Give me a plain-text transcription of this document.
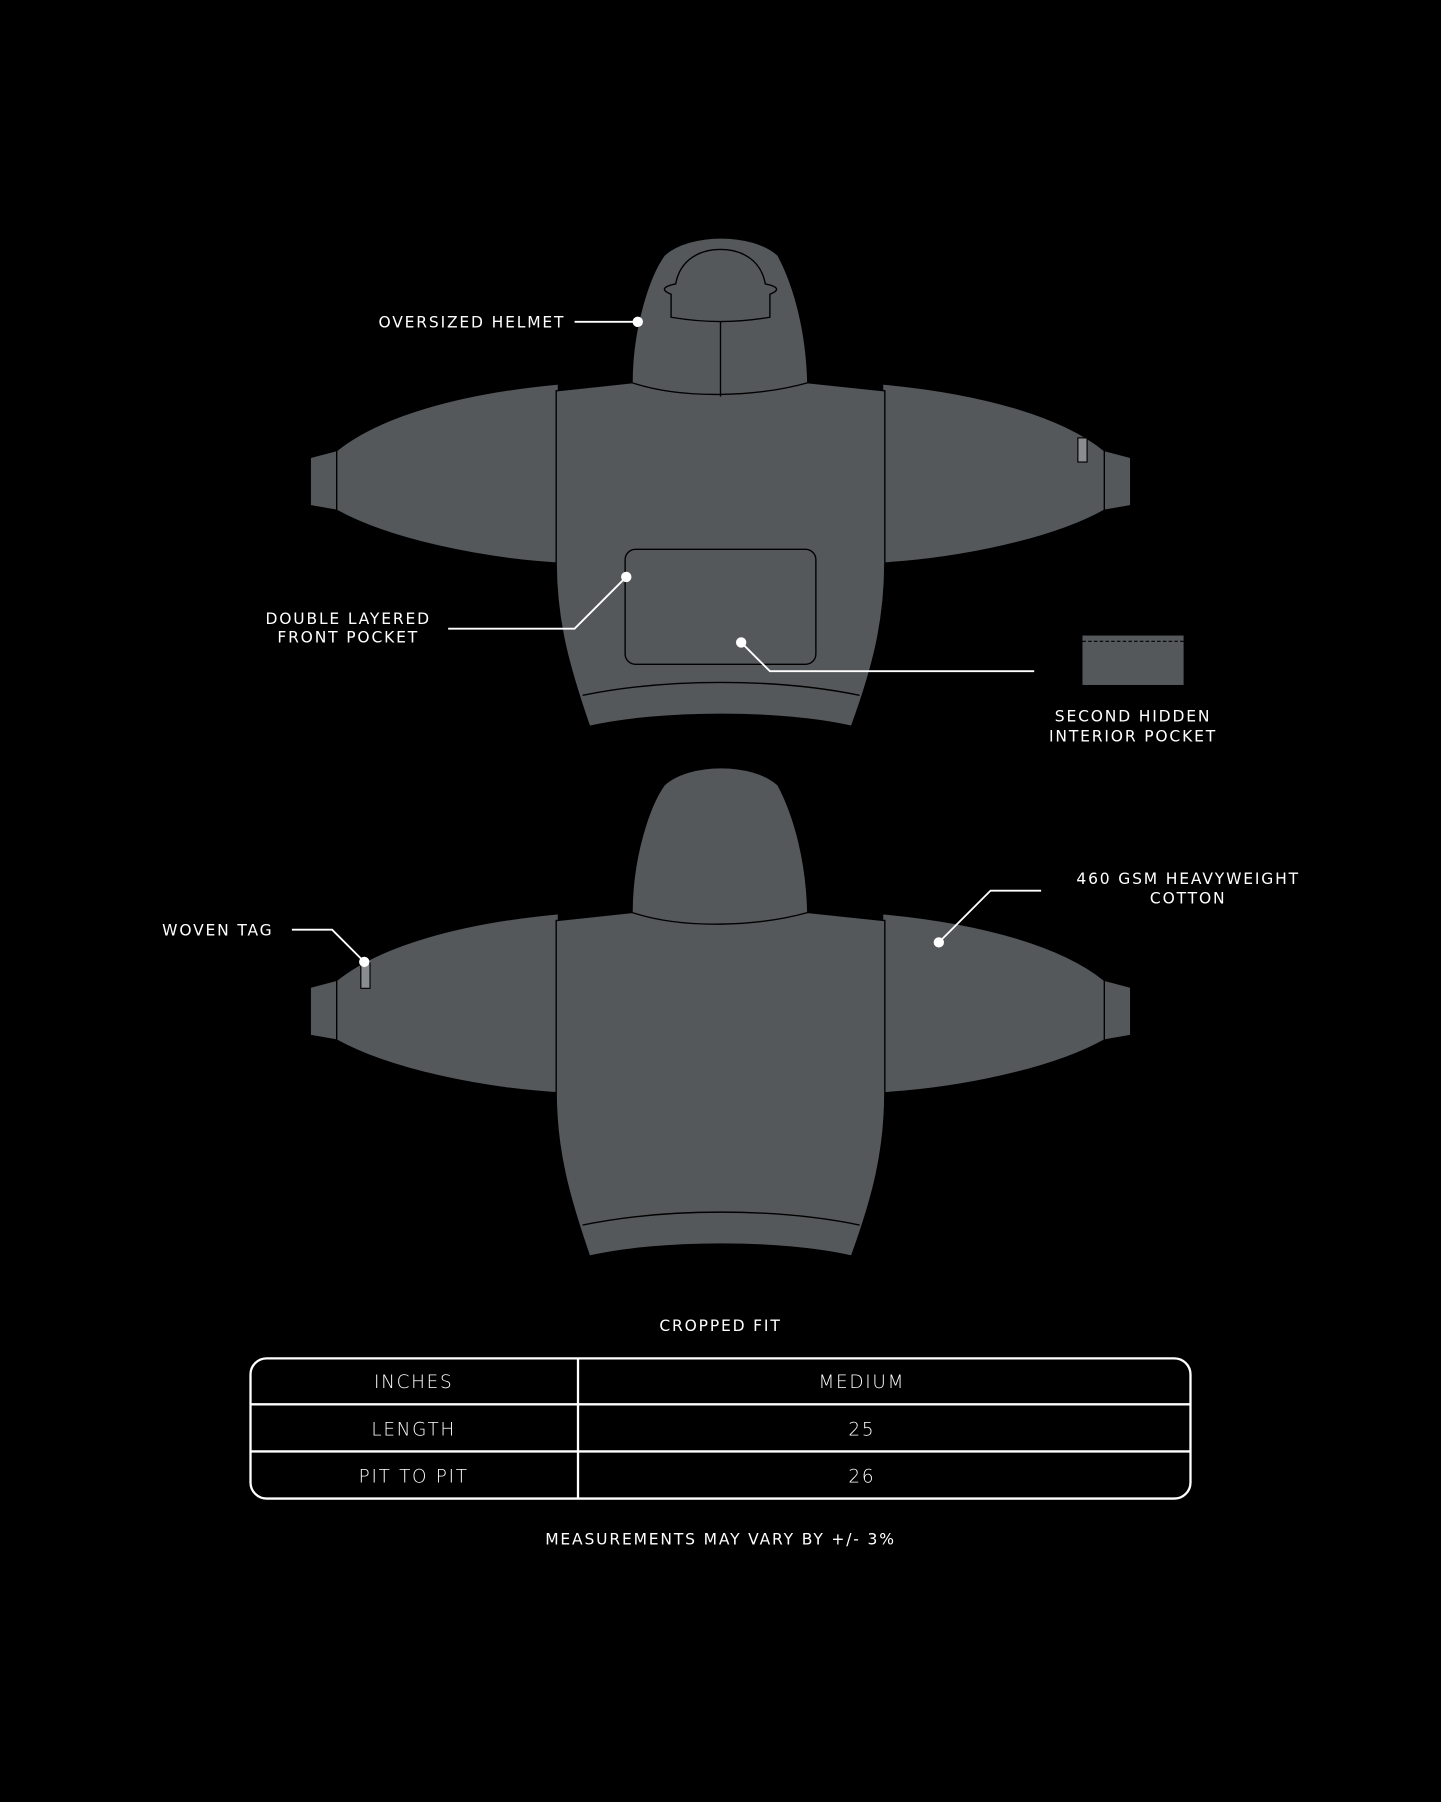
OVERSIZED HELMET
DOUBLE LAYERED
FRONT POCKET
SECOND HIDDEN
INTERIOR POCKET
460 GSM HEAVYWEIGHT
COTTON
WOVEN TAG
CROPPED FIT
INCHES	MEDIUM
LENGTH	25
PIT TO PIT	26
MEASUREMENTS MAY VARY BY +/- 3%
